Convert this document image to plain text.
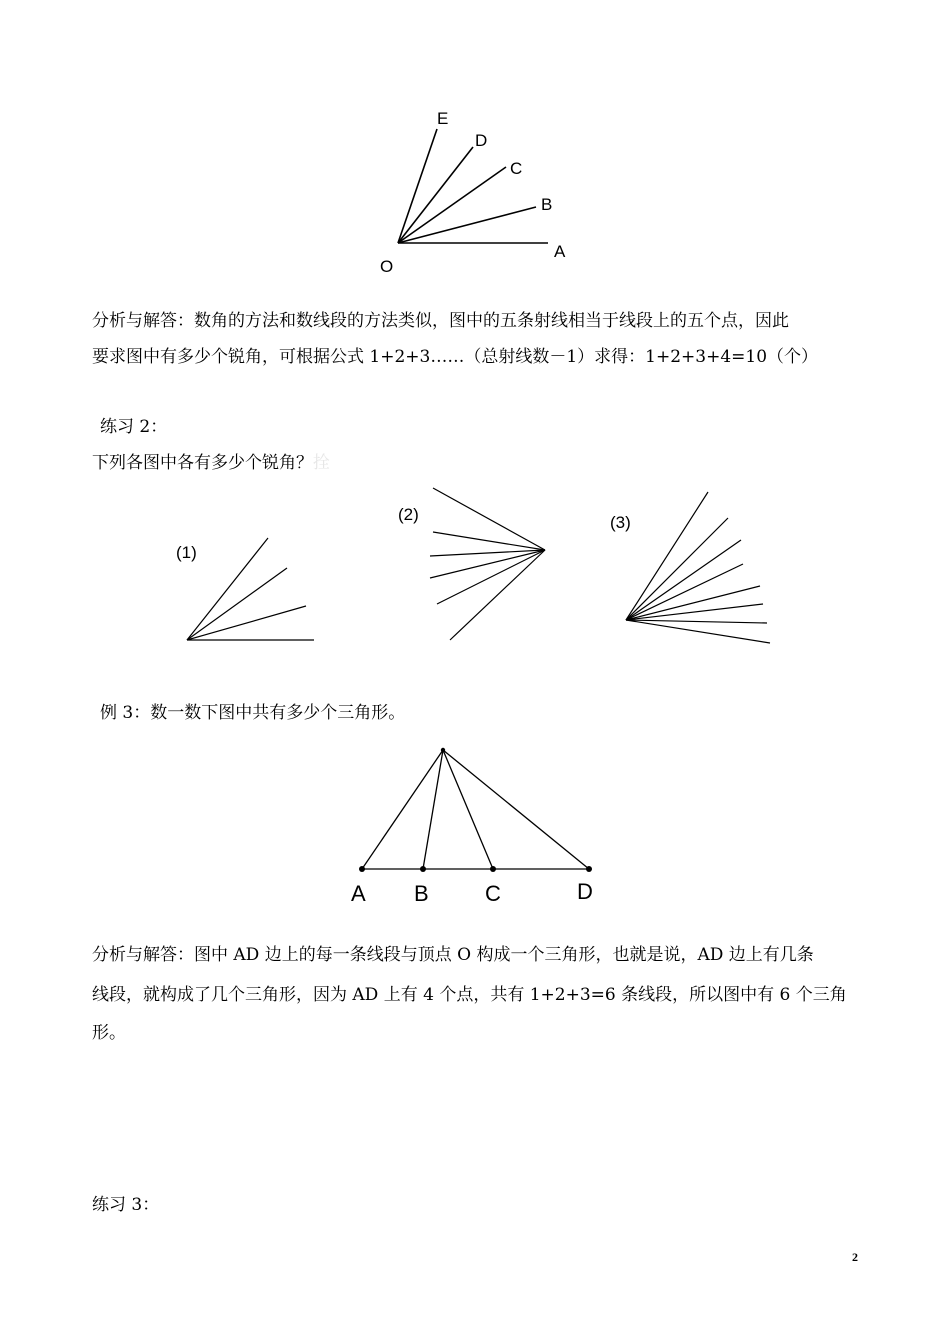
O
A
B
C
D
E
分析与解答：数角的方法和数线段的方法类似，图中的五条射线相当于线段上的五个点，因此
要求图中有多少个锐角，可根据公式 1+2+3……（总射线数－1）求得：1+2+3+4=10（个）
练习 2：
下列各图中各有多少个锐角？拴
(1)
(2)	(3)
例 3：数一数下图中共有多少个三角形。
A B	C	D
分析与解答：图中 AD 边上的每一条线段与顶点 O 构成一个三角形，也就是说，AD 边上有几条
线段，就构成了几个三角形，因为 AD 上有 4 个点，共有 1+2+3=6 条线段，所以图中有 6 个三角
形。
练习 3：
2
